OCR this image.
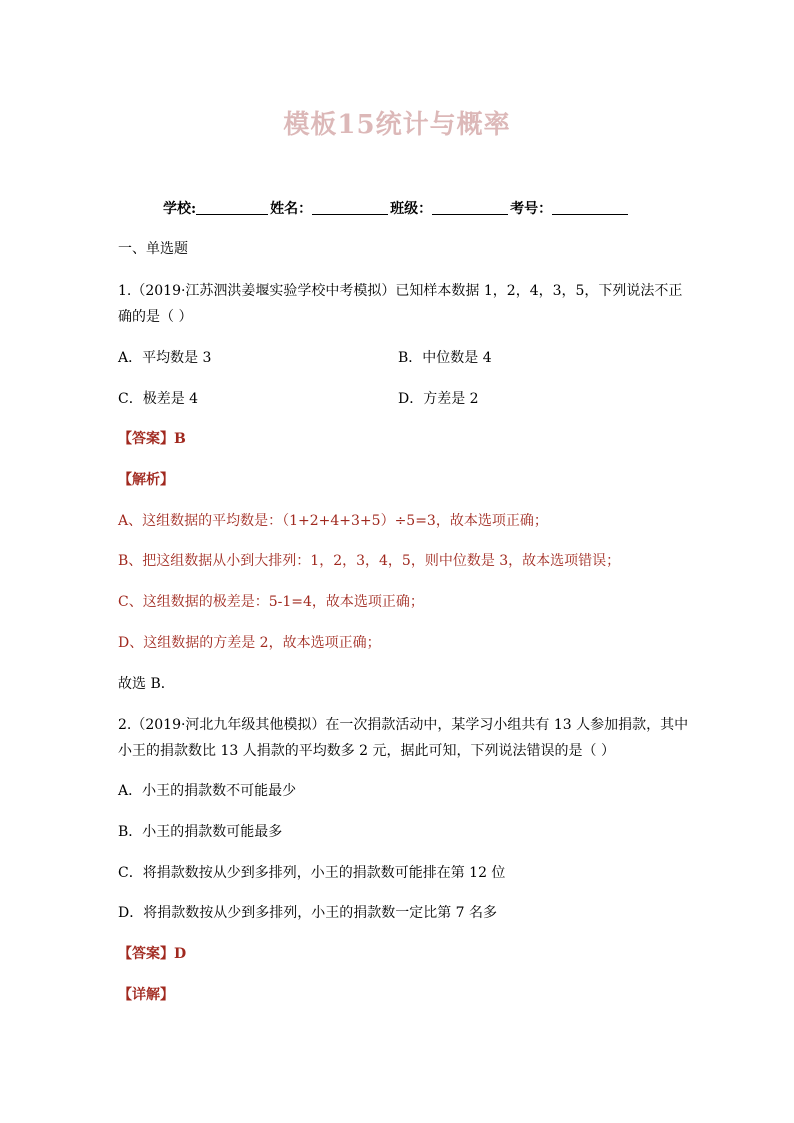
模板15统计与概率
学校:	姓名：	班级：	考号：
一、单选题
1.（2019·江苏泗洪姜堰实验学校中考模拟）已知样本数据 1，2，4，3，5，下列说法不正
确的是（ ）
A．平均数是 3	B．中位数是 4
C．极差是 4	D．方差是 2
【答案】B
【解析】
A、这组数据的平均数是：（1+2+4+3+5）÷5=3，故本选项正确；
B、把这组数据从小到大排列：1，2，3，4，5，则中位数是 3，故本选项错误；
C、这组数据的极差是：5-1=4，故本选项正确；
D、这组数据的方差是 2，故本选项正确；
故选 B．
2.（2019·河北九年级其他模拟）在一次捐款活动中，某学习小组共有 13 人参加捐款，其中
小王的捐款数比 13 人捐款的平均数多 2 元，据此可知，下列说法错误的是（ ）
A．小王的捐款数不可能最少
B．小王的捐款数可能最多
C．将捐款数按从少到多排列，小王的捐款数可能排在第 12 位
D．将捐款数按从少到多排列，小王的捐款数一定比第 7 名多
【答案】D
【详解】
